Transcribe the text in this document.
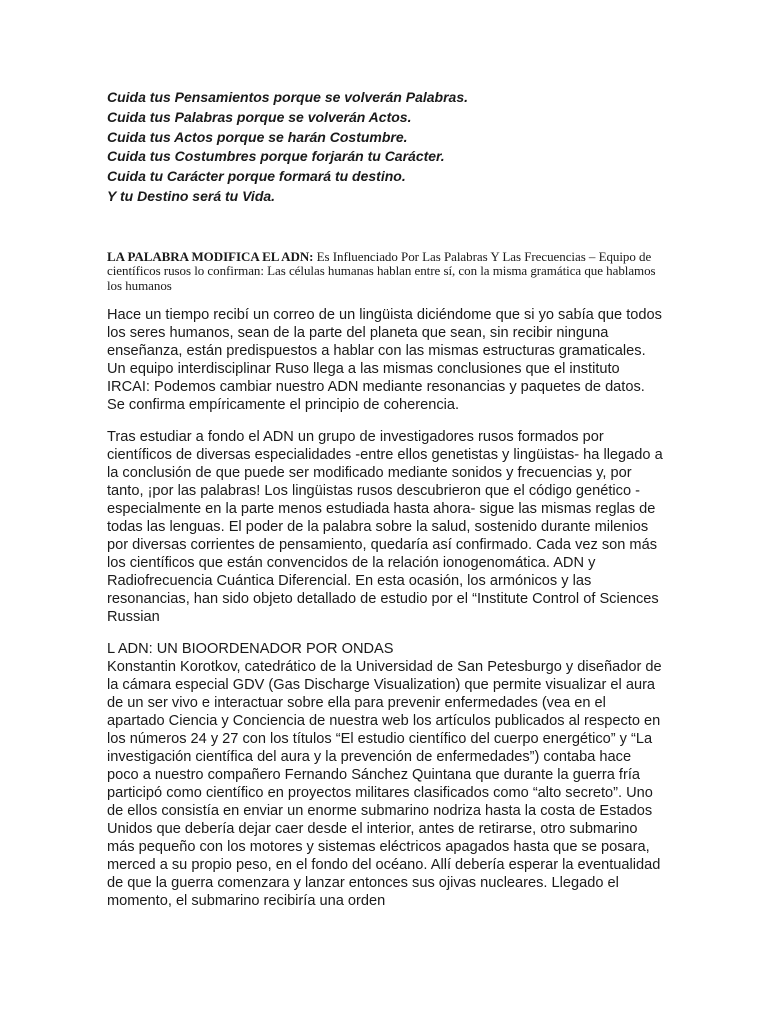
Cuida tus Pensamientos porque se volverán Palabras.
Cuida tus Palabras porque se volverán Actos.
Cuida tus Actos porque se harán Costumbre.
Cuida tus Costumbres porque forjarán tu Carácter.
Cuida tu Carácter porque formará tu destino.
Y tu Destino será tu Vida.
LA PALABRA MODIFICA EL ADN: Es Influenciado Por Las Palabras Y Las Frecuencias – Equipo de científicos rusos lo confirman: Las células humanas hablan entre sí, con la misma gramática que hablamos los humanos

Hace un tiempo recibí un correo de un lingüista diciéndome que si yo sabía que todos los seres humanos, sean de la parte del planeta que sean, sin recibir ninguna enseñanza, están predispuestos a hablar con las mismas estructuras gramaticales. Un equipo interdisciplinar Ruso llega a las mismas conclusiones que el instituto IRCAI: Podemos cambiar nuestro ADN mediante resonancias y paquetes de datos. Se confirma empíricamente el principio de coherencia.

Tras estudiar a fondo el ADN un grupo de investigadores rusos formados por científicos de diversas especialidades -entre ellos genetistas y lingüistas- ha llegado a la conclusión de que puede ser modificado mediante sonidos y frecuencias y, por tanto, ¡por las palabras! Los lingüistas rusos descubrieron que el código genético -especialmente en la parte menos estudiada hasta ahora- sigue las mismas reglas de todas las lenguas. El poder de la palabra sobre la salud, sostenido durante milenios por diversas corrientes de pensamiento, quedaría así confirmado. Cada vez son más los científicos que están convencidos de la relación ionogenomática. ADN y Radiofrecuencia Cuántica Diferencial. En esta ocasión, los armónicos y las resonancias, han sido objeto detallado de estudio por el “Institute Control of Sciences Russian

L ADN: UN BIOORDENADOR POR ONDAS

Konstantin Korotkov, catedrático de la Universidad de San Petesburgo y diseñador de la cámara especial GDV (Gas Discharge Visualization) que permite visualizar el aura de un ser vivo e interactuar sobre ella para prevenir enfermedades (vea en el apartado Ciencia y Conciencia de nuestra web los artículos publicados al respecto en los números 24 y 27 con los títulos “El estudio científico del cuerpo energético” y “La investigación científica del aura y la prevención de enfermedades”) contaba hace poco a nuestro compañero Fernando Sánchez Quintana que durante la guerra fría participó como científico en proyectos militares clasificados como “alto secreto”. Uno de ellos consistía en enviar un enorme submarino nodriza hasta la costa de Estados Unidos que debería dejar caer desde el interior, antes de retirarse, otro submarino más pequeño con los motores y sistemas eléctricos apagados hasta que se posara, merced a su propio peso, en el fondo del océano. Allí debería esperar la eventualidad de que la guerra comenzara y lanzar entonces sus ojivas nucleares. Llegado el momento, el submarino recibiría una orden
